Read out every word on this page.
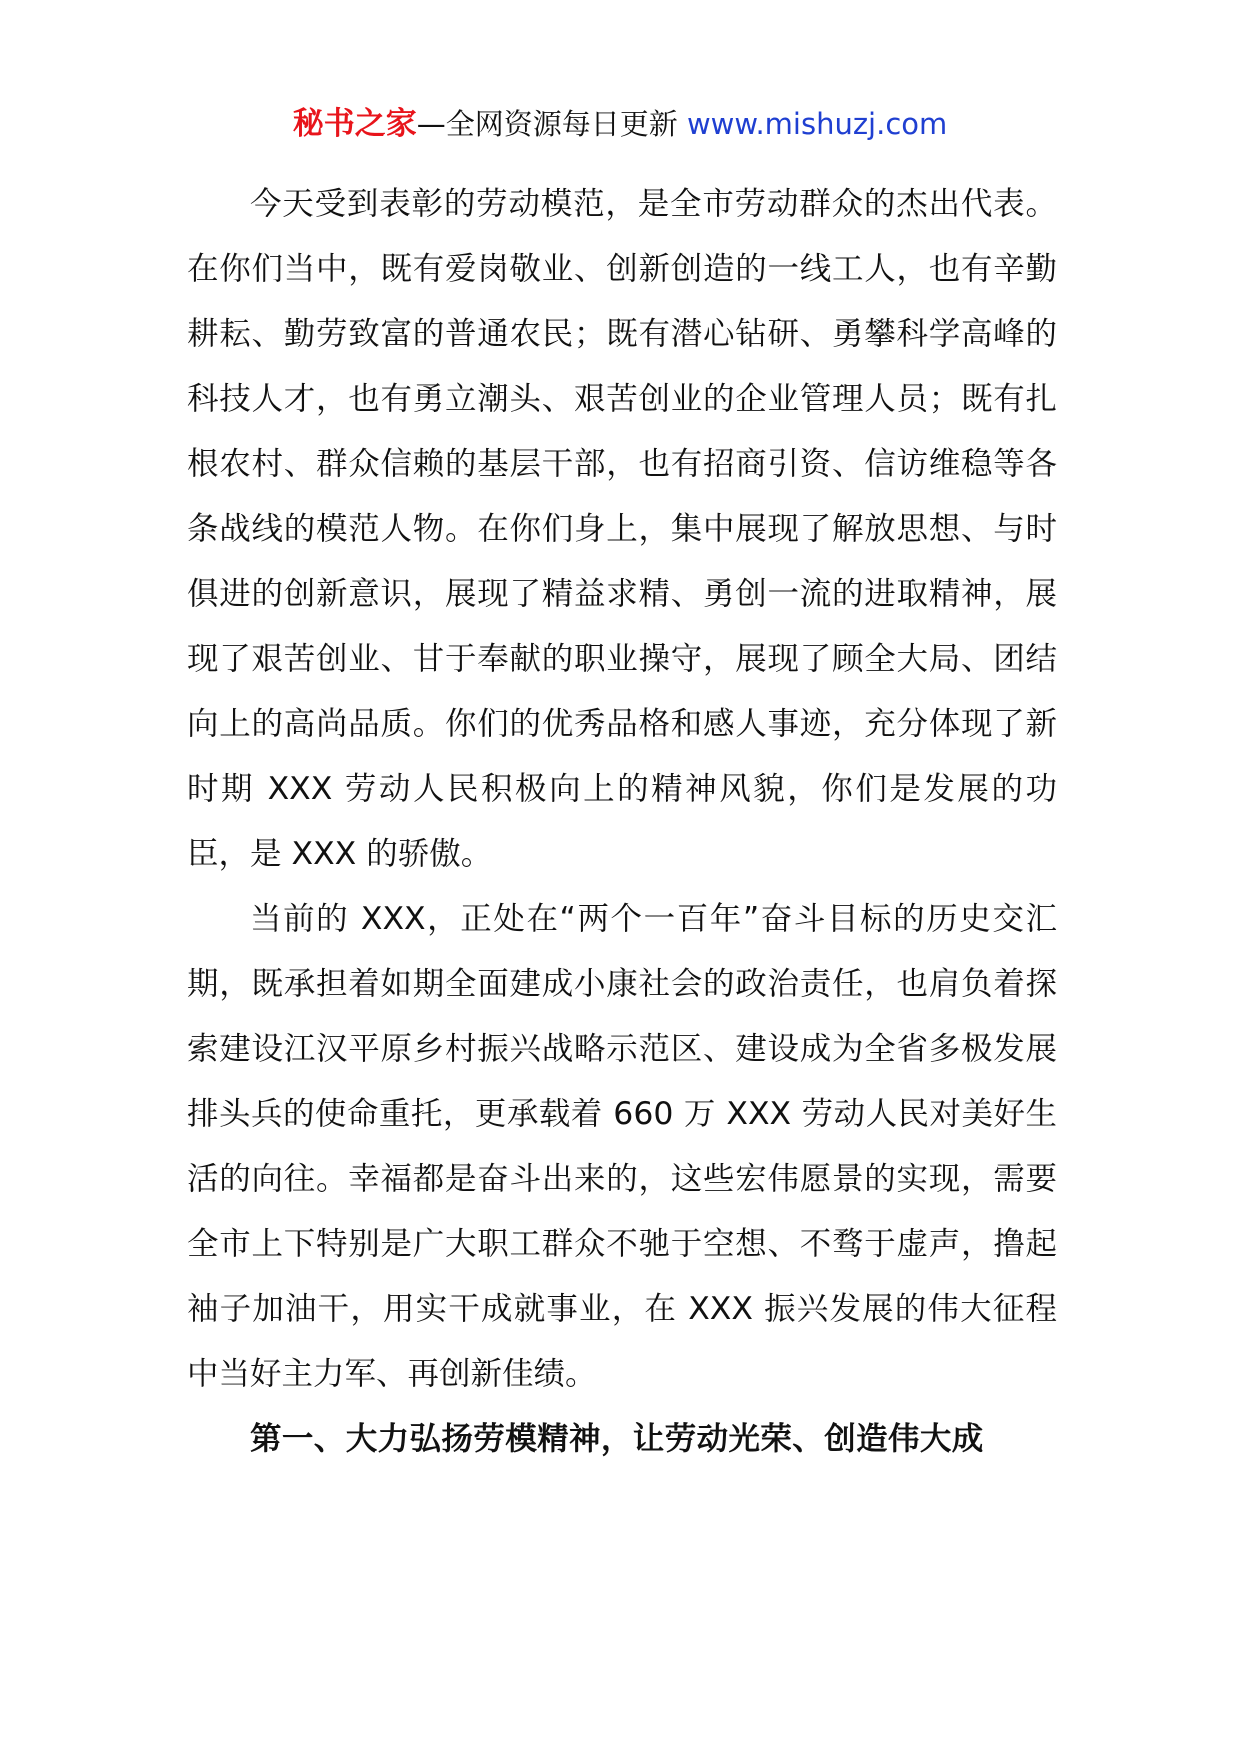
秘书之家—全网资源每日更新 www.mishuzj.com

今天受到表彰的劳动模范，是全市劳动群众的杰出代表。在你们当中，既有爱岗敬业、创新创造的一线工人，也有辛勤耕耘、勤劳致富的普通农民；既有潜心钻研、勇攀科学高峰的科技人才，也有勇立潮头、艰苦创业的企业管理人员；既有扎根农村、群众信赖的基层干部，也有招商引资、信访维稳等各条战线的模范人物。在你们身上，集中展现了解放思想、与时俱进的创新意识，展现了精益求精、勇创一流的进取精神，展现了艰苦创业、甘于奉献的职业操守，展现了顾全大局、团结向上的高尚品质。你们的优秀品格和感人事迹，充分体现了新时期 XXX 劳动人民积极向上的精神风貌，你们是发展的功臣，是 XXX 的骄傲。

当前的 XXX，正处在“两个一百年”奋斗目标的历史交汇期，既承担着如期全面建成小康社会的政治责任，也肩负着探索建设江汉平原乡村振兴战略示范区、建设成为全省多极发展排头兵的使命重托，更承载着 660 万 XXX 劳动人民对美好生活的向往。幸福都是奋斗出来的，这些宏伟愿景的实现，需要全市上下特别是广大职工群众不驰于空想、不骛于虚声，撸起袖子加油干，用实干成就事业，在 XXX 振兴发展的伟大征程中当好主力军、再创新佳绩。

第一、大力弘扬劳模精神，让劳动光荣、创造伟大成
